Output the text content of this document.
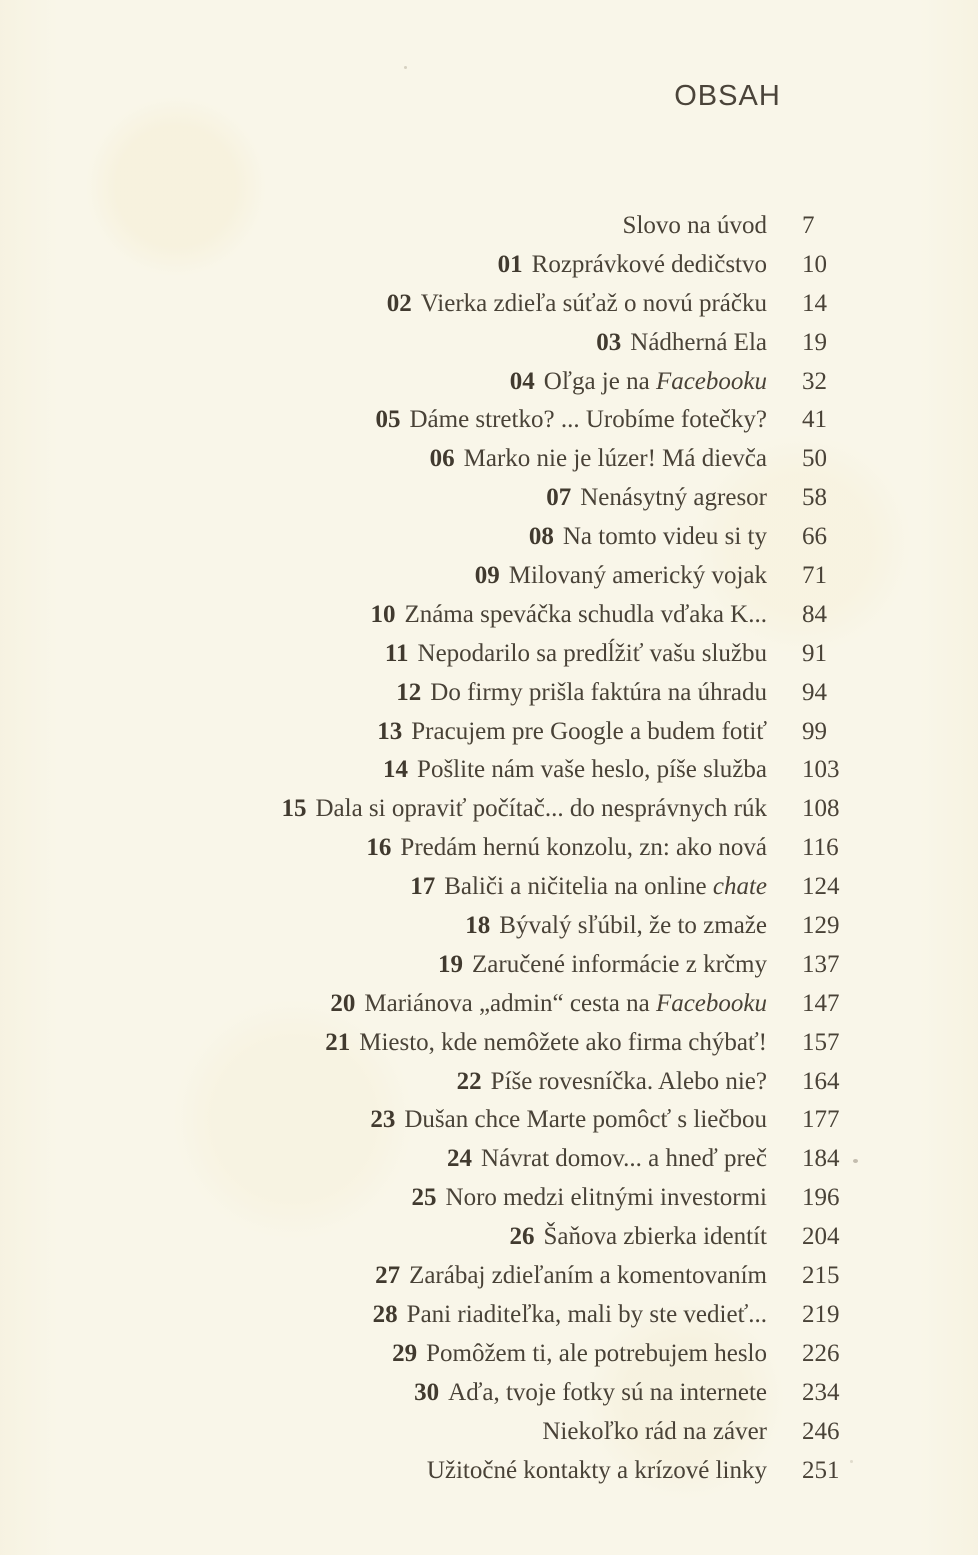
OBSAH
Slovo na úvod 7
01 Rozprávkové dedičstvo 10
02 Vierka zdieľa súťaž o novú práčku 14
03 Nádherná Ela 19
04 Oľga je na Facebooku 32
05 Dáme stretko? ... Urobíme fotečky? 41
06 Marko nie je lúzer! Má dievča 50
07 Nenásytný agresor 58
08 Na tomto videu si ty 66
09 Milovaný americký vojak 71
10 Známa speváčka schudla vďaka K... 84
11 Nepodarilo sa predĺžiť vašu službu 91
12 Do firmy prišla faktúra na úhradu 94
13 Pracujem pre Google a budem fotiť 99
14 Pošlite nám vaše heslo, píše služba 103
15 Dala si opraviť počítač... do nesprávnych rúk 108
16 Predám hernú konzolu, zn: ako nová 116
17 Baliči a ničitelia na online chate 124
18 Bývalý sľúbil, že to zmaže 129
19 Zaručené informácie z krčmy 137
20 Mariánova „admin“ cesta na Facebooku 147
21 Miesto, kde nemôžete ako firma chýbať! 157
22 Píše rovesníčka. Alebo nie? 164
23 Dušan chce Marte pomôcť s liečbou 177
24 Návrat domov... a hneď preč 184
25 Noro medzi elitnými investormi 196
26 Šaňova zbierka identít 204
27 Zarábaj zdieľaním a komentovaním 215
28 Pani riaditeľka, mali by ste vedieť... 219
29 Pomôžem ti, ale potrebujem heslo 226
30 Aďa, tvoje fotky sú na internete 234
Niekoľko rád na záver 246
Užitočné kontakty a krízové linky 251
